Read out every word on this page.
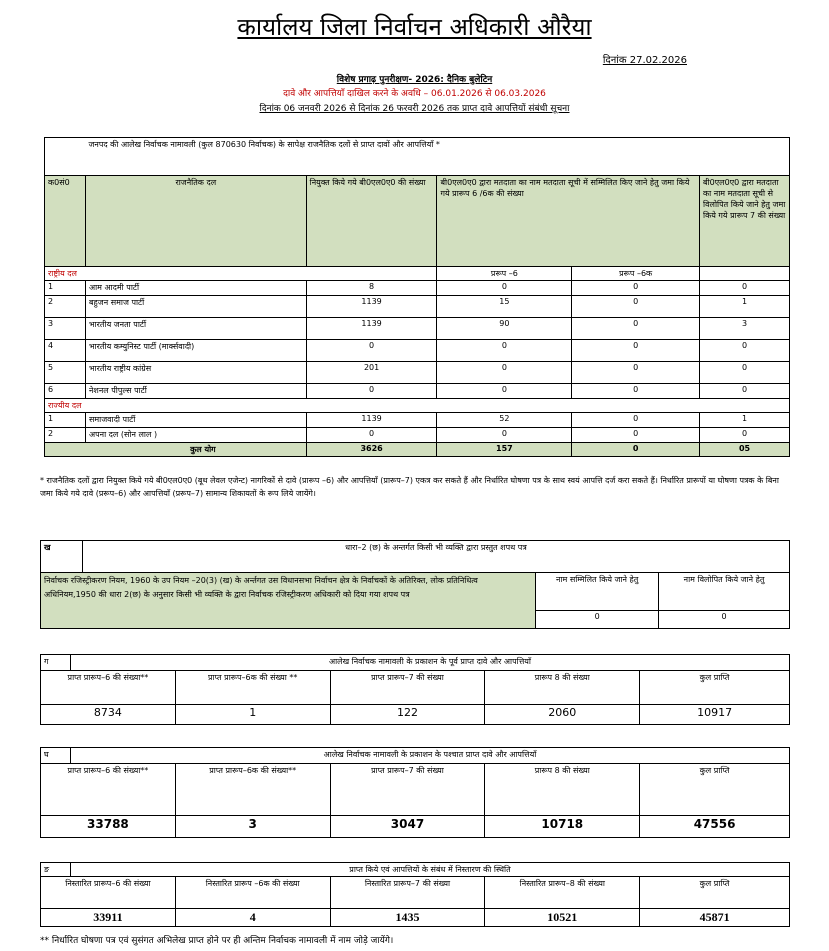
कार्यालय जिला निर्वाचन अधिकारी औरैया
दिनांक 27.02.2026
विशेष प्रगाढ़ पुनरीक्षण- 2026: दैनिक बुलेटिन
दावे और आपत्तियाँ दाखिल करने के अवधि – 06.01.2026 से 06.03.2026
दिनांक 06 जनवरी 2026 से दिनांक 26 फरवरी 2026 तक प्राप्त दावे आपत्तियों संबंधी सूचना
	जनपद की आलेख निर्वाचक नामावली (कुल 870630 निर्वाचक) के सापेक्ष राजनैतिक दलों से प्राप्त दावों और आपत्तियाँ *				
क0सं0	राजनैतिक दल	नियुक्त किये गये बी0एल0ए0 की संख्या	बी0एल0ए0 द्वारा मतदाता का नाम मतदाता सूची में सम्मिलित किए जाने हेतु जमा किये गये प्रारूप 6 /6क की संख्या		बी0एल0ए0 द्वारा मतदाता का नाम मतदाता सूची से विलोपित किये जाने हेतु जमा किये गये प्रारूप 7 की संख्या
राष्ट्रीय दल			प्ररूप –6	प्ररूप –6क	
1	आम आदमी पार्टी	8	0	0	0
2	बहुजन समाज पार्टी	1139	15	0	1
3	भारतीय जनता पार्टी	1139	90	0	3
4	भारतीय कम्युनिस्ट पार्टी (मार्क्सवादी)	0	0	0	0
5	भारतीय राष्ट्रीय कांग्रेस	201	0	0	0
6	नेशनल पीपुल्स पार्टी	0	0	0	0
राज्यीय दल					
1	समाजवादी पार्टी	1139	52	0	1
2	अपना दल (सोन लाल )	0	0	0	0
कुल योग		3626	157	0	05
* राजनैतिक दलों द्वारा नियुक्त किये गये बी0एल0ए0 (बूथ लेवल एजेन्ट) नागरिकों से दावे (प्रारूप –6) और आपत्तियाँ (प्रारूप–7) एकत्र कर सकते हैं और निर्धारित घोषणा पत्र के साथ स्वयं आपत्ति दर्ज करा सकते हैं। निर्धारित प्रारूपों या घोषणा पत्रक के बिना जमा किये गये दावे (प्ररूप–6) और आपत्तियाँ (प्ररूप–7) सामान्य शिकायतों के रूप लिये जायेंगे।
ख	धारा–2 (छ) के अन्तर्गत किसी भी व्यक्ति द्वारा प्रस्तुत शपथ पत्र		
निर्वाचक रजिस्ट्रीकरण नियम, 1960 के उप नियम –20(3) (ख) के अर्न्तगत उस विधानसभा निर्वाचन क्षेत्र के निर्वाचकों के अतिरिक्त, लोक प्रतिनिधित्व अधिनियम,1950 की धारा 2(छ) के अनुसार किसी भी व्यक्ति के द्वारा निर्वाचक रजिस्ट्रीकरण अधिकारी को दिया गया शपथ पत्र		नाम सम्मिलित किये जाने हेतु	नाम विलोपित किये जाने हेतु
		0	0
ग	आलेख निर्वाचक नामावली के प्रकाशन के पूर्व प्राप्त दावे और आपत्तियाँ				
प्राप्त प्रारूप–6 की संख्या**		प्राप्त प्रारूप–6क की संख्या **	प्राप्त प्रारूप–7 की संख्या	प्रारूप 8 की संख्या	कुल प्राप्ति
8734		1	122	2060	10917
घ	आलेख निर्वाचक नामावली के प्रकाशन के पश्चात प्राप्त दावे और आपत्तियाँ				
प्राप्त प्रारूप–6 की संख्या**		प्राप्त प्रारूप–6क की संख्या**	प्राप्त प्रारूप–7 की संख्या	प्रारूप 8 की संख्या	कुल प्राप्ति
33788		3	3047	10718	47556
ङ	प्राप्त किये एवं आपत्तियों के संबंध में निस्तारण की स्थिति				
निस्तारित प्रारूप–6 की संख्या		निस्तारित प्रारूप –6क की संख्या	निस्तारित प्रारूप–7 की संख्या	निस्तारित प्रारूप–8 की संख्या	कुल प्राप्ति
33911		4	1435	10521	45871
** निर्धारित घोषणा पत्र एवं सुसंगत अभिलेख प्राप्त होने पर ही अन्तिम निर्वाचक नामावली में नाम जोड़े जायेंगे।
